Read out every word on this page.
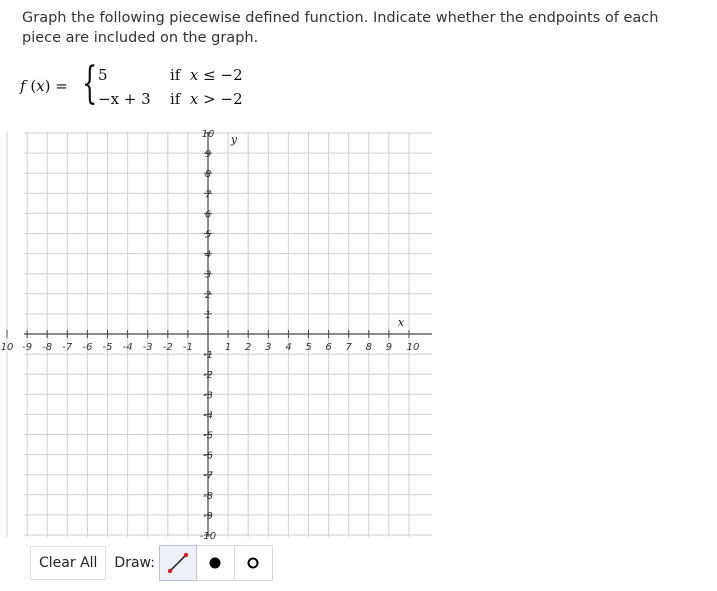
Graph the following piecewise defined function. Indicate whether the endpoints of each piece are included on the graph.
f (x) = { 5	if x ≤ −2
−x + 3 if x > −2
10 -9 -8 -7 -6 -5 -4 -3 -2 -1	1 2 3 4 5 6 7 8 9 10
10
9
8
7
6
5
4
3
2
1
-1
-2
-3
-4
-5
-6
-7
-8
-9
-10
x
y
Clear All	Draw:
